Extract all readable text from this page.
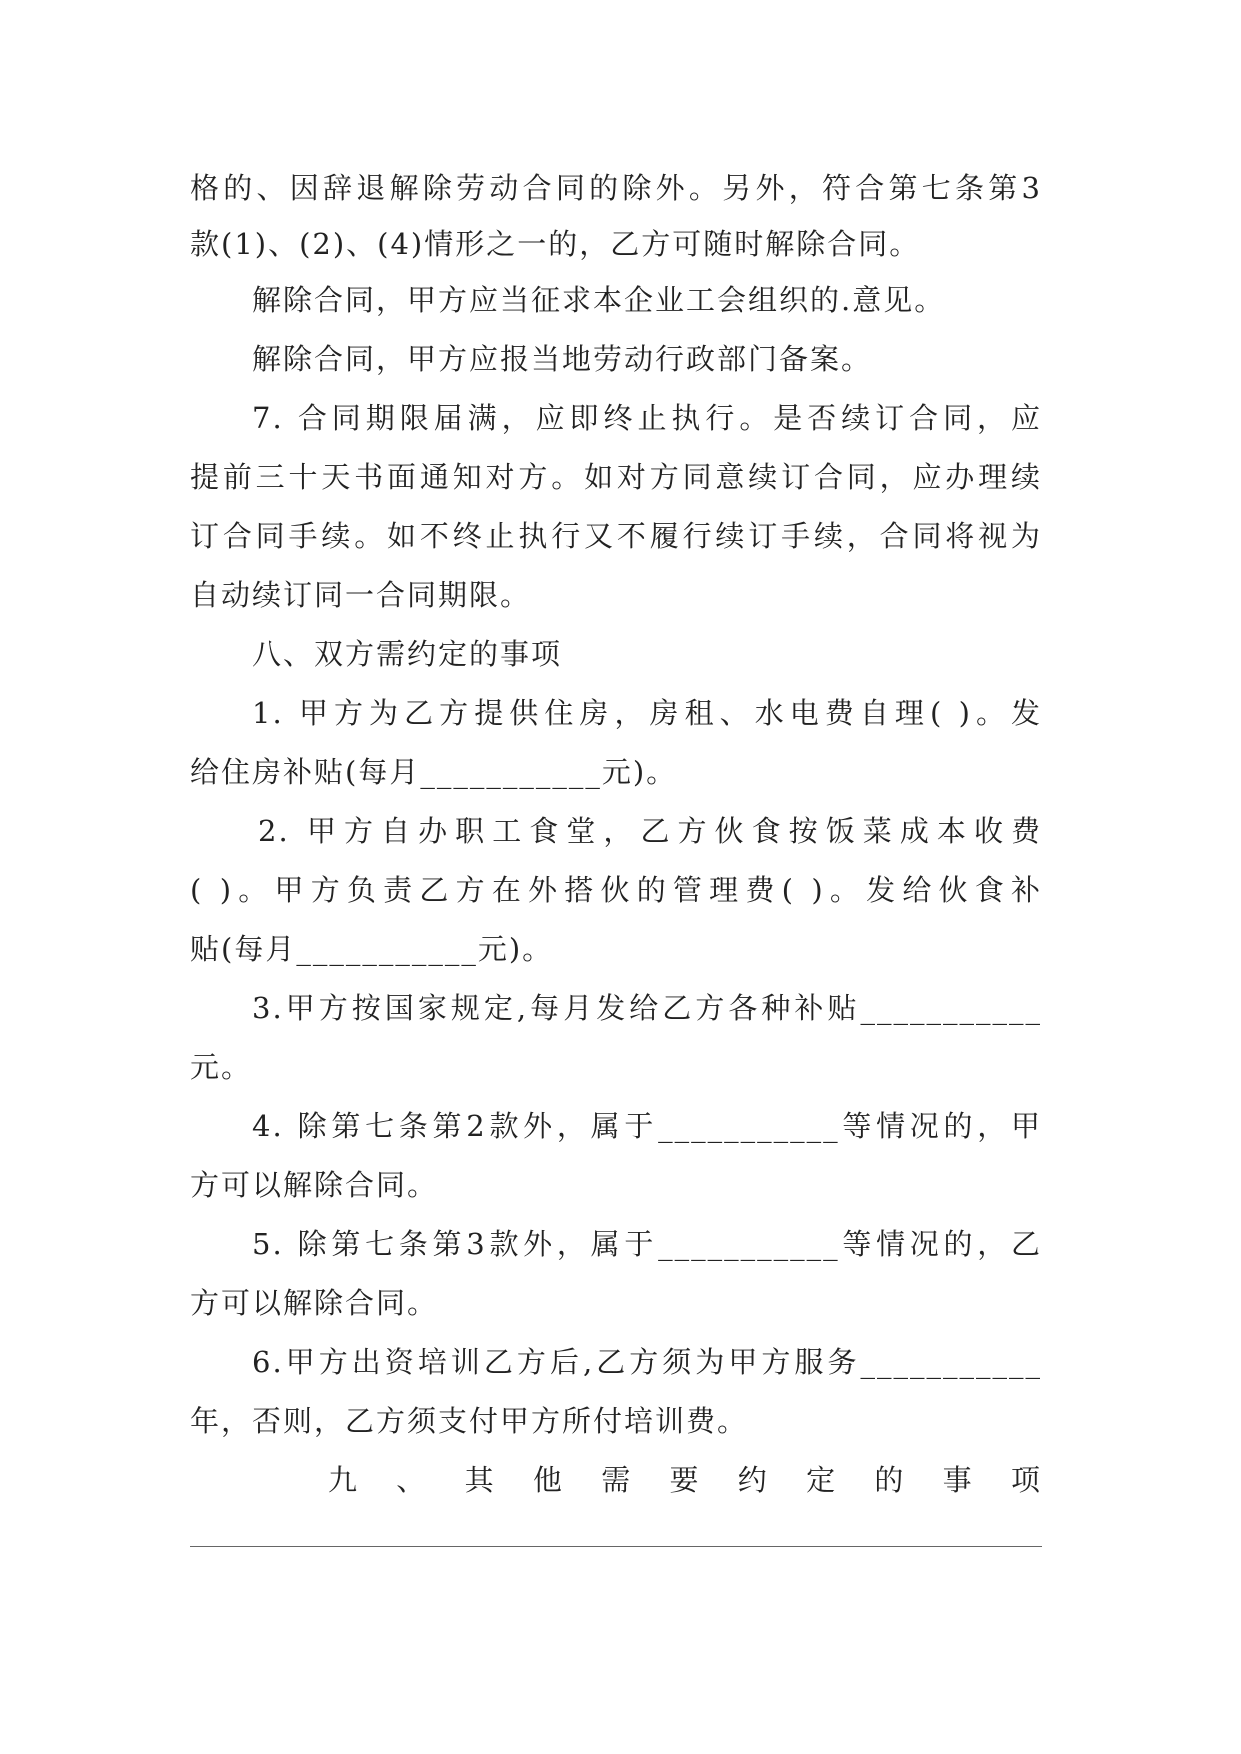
格的、因辞退解除劳动合同的除外。另外，符合第七条第3
款(1)、(2)、(4)情形之一的，乙方可随时解除合同。
解除合同，甲方应当征求本企业工会组织的.意见。
解除合同，甲方应报当地劳动行政部门备案。
7. 合同期限届满，应即终止执行。是否续订合同，应
提前三十天书面通知对方。如对方同意续订合同，应办理续
订合同手续。如不终止执行又不履行续订手续，合同将视为
自动续订同一合同期限。
八、双方需约定的事项
1. 甲方为乙方提供住房，房租、水电费自理( )。发
给住房补贴(每月___________元)。
2. 甲方自办职工食堂，乙方伙食按饭菜成本收费
( )。甲方负责乙方在外搭伙的管理费( )。发给伙食补
贴(每月___________元)。
3.甲方按国家规定,每月发给乙方各种补贴___________
元。
4. 除第七条第2款外，属于___________等情况的，甲
方可以解除合同。
5. 除第七条第3款外，属于___________等情况的，乙
方可以解除合同。
6.甲方出资培训乙方后,乙方须为甲方服务___________
年，否则，乙方须支付甲方所付培训费。
九、其他需要约定的事项
